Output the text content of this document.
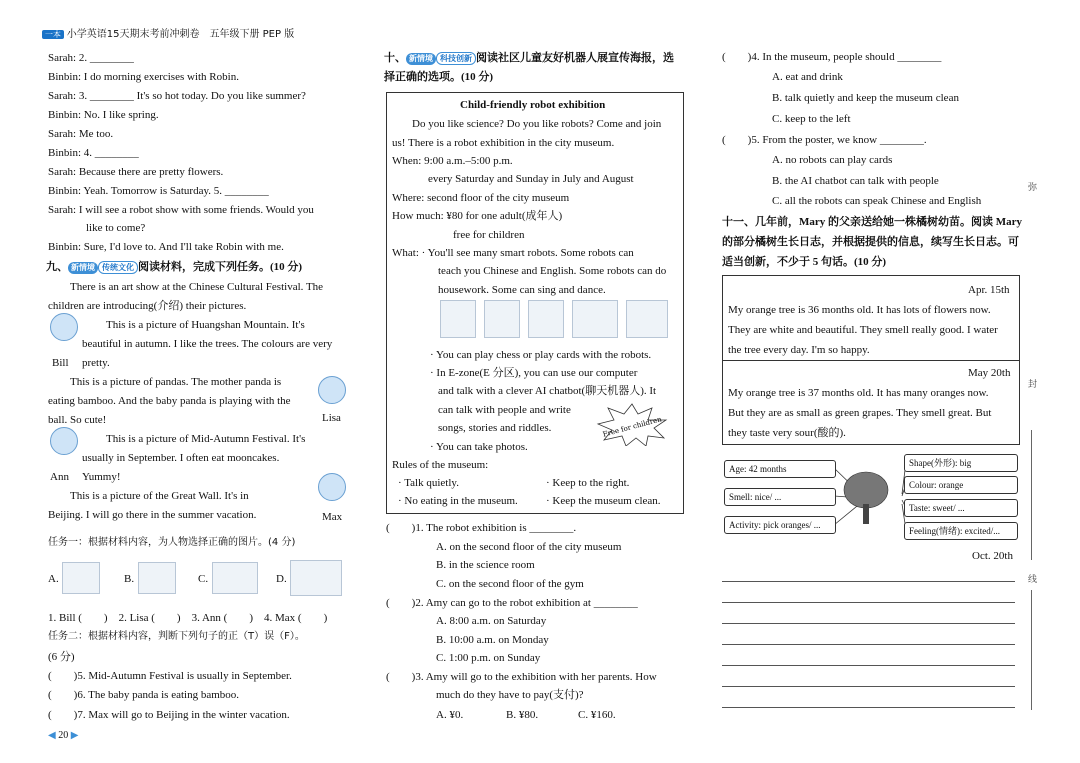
一本 小学英语15天期末考前冲刺卷　五年级下册 PEP 版
Sarah: 2. ________
Binbin: I do morning exercises with Robin.
Sarah: 3. ________ It's so hot today. Do you like summer?
Binbin: No. I like spring.
Sarah: Me too.
Binbin: 4. ________
Sarah: Because there are pretty flowers.
Binbin: Yeah. Tomorrow is Saturday. 5. ________
Sarah: I will see a robot show with some friends. Would you
like to come?
Binbin: Sure, I'd love to. And I'll take Robin with me.
九、 新情境 传统文化 阅读材料，完成下列任务。(10 分)
There is an art show at the Chinese Cultural Festival. The
children are introducing(介绍) their pictures.
This is a picture of Huangshan Mountain. It's
beautiful in autumn. I like the trees. The colours are very
Bill pretty.
This is a picture of pandas. The mother panda is
eating bamboo. And the baby panda is playing with the
ball. So cute!	Lisa
This is a picture of Mid-Autumn Festival. It's
usually in September. I often eat mooncakes.
Ann Yummy!
This is a picture of the Great Wall. It's in
Beijing. I will go there in the summer vacation.	Max
任务一：根据材料内容，为人物选择正确的图片。(4 分)
A.	B.	C.	D.
1. Bill (　　)　2. Lisa (　　)　3. Ann (　　)　4. Max (　　)
任务二：根据材料内容，判断下列句子的正（T）误（F）。
(6 分)
(　　)5. Mid-Autumn Festival is usually in September.
(　　)6. The baby panda is eating bamboo.
(　　)7. Max will go to Beijing in the winter vacation.
◀ 20 ▶
十、 新情境 科技创新 阅读社区儿童友好机器人展宣传海报，选
择正确的选项。(10 分)
Child-friendly robot exhibition
Do you like science? Do you like robots? Come and join
us! There is a robot exhibition in the city museum.
When: 9:00 a.m.–5:00 p.m.
every Saturday and Sunday in July and August
Where: second floor of the city museum
How much: ¥80 for one adult(成年人)
free for children
What: · You'll see many smart robots. Some robots can
teach you Chinese and English. Some robots can do
housework. Some can sing and dance.
· You can play chess or play cards with the robots.
· In E-zone(E 分区), you can use our computer
and talk with a clever AI chatbot(聊天机器人). It
can talk with people and write
songs, stories and riddles.
· You can take photos.
Free for children
Rules of the museum:
· Talk quietly.	· Keep to the right.
· No eating in the museum.	· Keep the museum clean.
(　　)1. The robot exhibition is ________.
A. on the second floor of the city museum
B. in the science room
C. on the second floor of the gym
(　　)2. Amy can go to the robot exhibition at ________
A. 8:00 a.m. on Saturday
B. 10:00 a.m. on Monday
C. 1:00 p.m. on Sunday
(　　)3. Amy will go to the exhibition with her parents. How
much do they have to pay(支付)?
A. ¥0.	B. ¥80.	C. ¥160.
(　　)4. In the museum, people should ________
A. eat and drink
B. talk quietly and keep the museum clean
C. keep to the left
(　　)5. From the poster, we know ________.
A. no robots can play cards
B. the AI chatbot can talk with people
C. all the robots can speak Chinese and English
十一、几年前，Mary 的父亲送给她一株橘树幼苗。阅读 Mary
的部分橘树生长日志，并根据提供的信息，续写生长日志。可
适当创新，不少于 5 句话。(10 分)
Apr. 15th
My orange tree is 36 months old. It has lots of flowers now.
They are white and beautiful. They smell really good. I water
the tree every day. I'm so happy.
May 20th
My orange tree is 37 months old. It has many oranges now.
But they are as small as green grapes. They smell great. But
they taste very sour(酸的).
Age: 42 months
Smell: nice/ ...
Activity: pick oranges/ ...
Shape(外形): big
Colour: orange
Taste: sweet/ ...
Feeling(情绪): excited/...
Oct. 20th
弥
封
线
